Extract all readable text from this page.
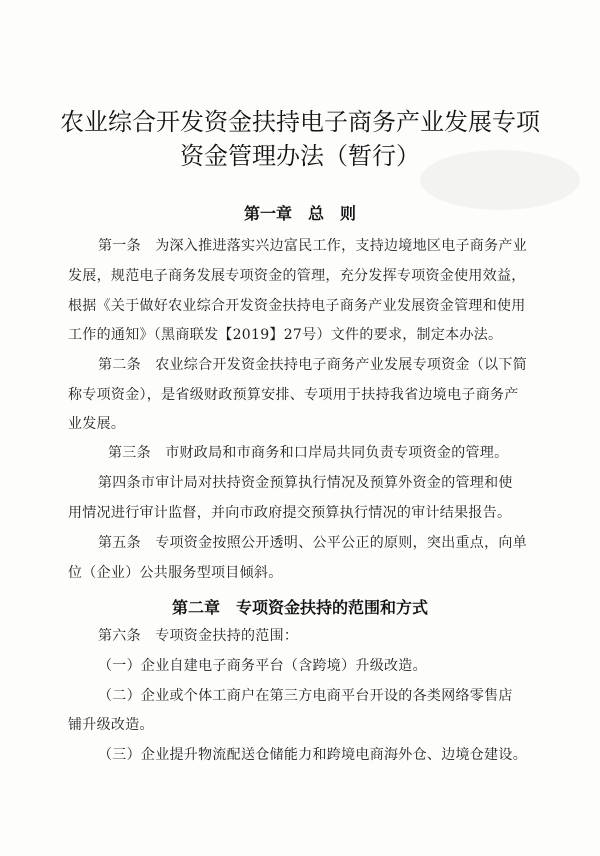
农业综合开发资金扶持电子商务产业发展专项
资金管理办法（暂行）
第一章　总　则
第一条　为深入推进落实兴边富民工作，支持边境地区电子商务产业
发展，规范电子商务发展专项资金的管理，充分发挥专项资金使用效益，
根据《关于做好农业综合开发资金扶持电子商务产业发展资金管理和使用
工作的通知》（黑商联发【2019】27号）文件的要求，制定本办法。
第二条　农业综合开发资金扶持电子商务产业发展专项资金（以下简
称专项资金），是省级财政预算安排、专项用于扶持我省边境电子商务产
业发展。
第三条　市财政局和市商务和口岸局共同负责专项资金的管理。
第四条市审计局对扶持资金预算执行情况及预算外资金的管理和使
用情况进行审计监督，并向市政府提交预算执行情况的审计结果报告。
第五条　专项资金按照公开透明、公平公正的原则，突出重点，向单
位（企业）公共服务型项目倾斜。
第二章　专项资金扶持的范围和方式
第六条　专项资金扶持的范围：
（一）企业自建电子商务平台（含跨境）升级改造。
（二）企业或个体工商户在第三方电商平台开设的各类网络零售店
铺升级改造。
（三）企业提升物流配送仓储能力和跨境电商海外仓、边境仓建设。
